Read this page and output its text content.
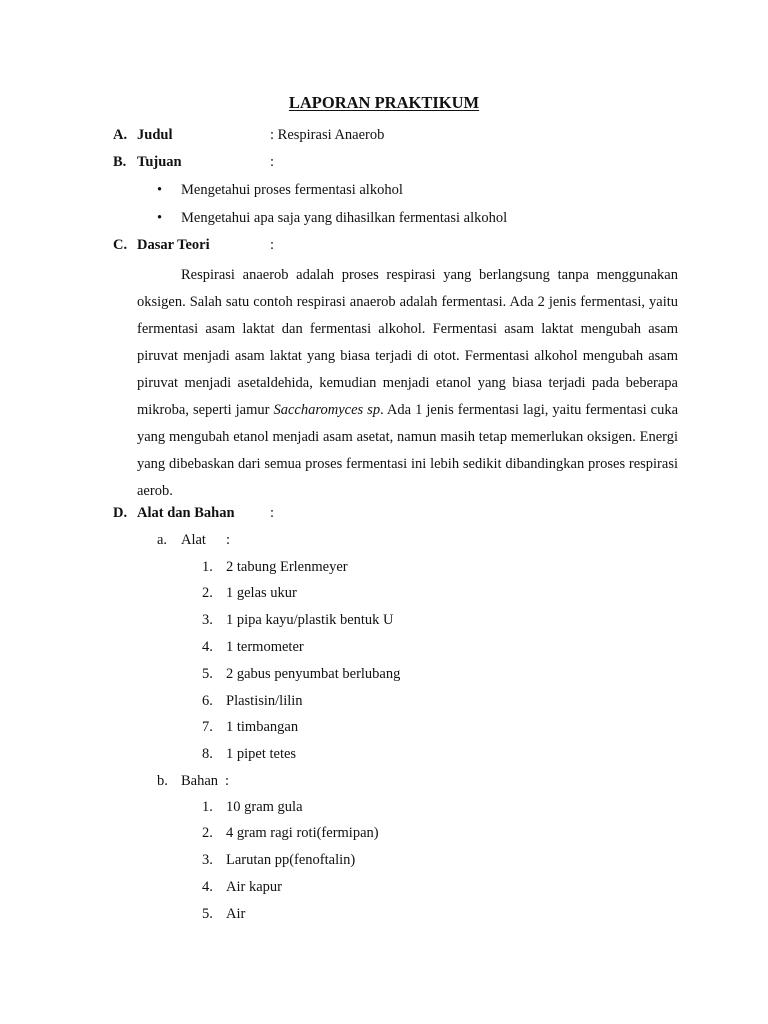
LAPORAN PRAKTIKUM
A. Judul	: Respirasi Anaerob
B. Tujuan	:
• Mengetahui proses fermentasi alkohol
• Mengetahui apa saja yang dihasilkan fermentasi alkohol
C. Dasar Teori	:
Respirasi anaerob adalah proses respirasi yang berlangsung tanpa menggunakan oksigen. Salah satu contoh respirasi anaerob adalah fermentasi. Ada 2 jenis fermentasi, yaitu fermentasi asam laktat dan fermentasi alkohol. Fermentasi asam laktat mengubah asam piruvat menjadi asam laktat yang biasa terjadi di otot. Fermentasi alkohol mengubah asam piruvat menjadi asetaldehida, kemudian menjadi etanol yang biasa terjadi pada beberapa mikroba, seperti jamur Saccharomyces sp. Ada 1 jenis fermentasi lagi, yaitu fermentasi cuka yang mengubah etanol menjadi asam asetat, namun masih tetap memerlukan oksigen. Energi yang dibebaskan dari semua proses fermentasi ini lebih sedikit dibandingkan proses respirasi aerob.
D. Alat dan Bahan :
a. Alat :
1. 2 tabung Erlenmeyer
2. 1 gelas ukur
3. 1 pipa kayu/plastik bentuk U
4. 1 termometer
5. 2 gabus penyumbat berlubang
6. Plastisin/lilin
7. 1 timbangan
8. 1 pipet tetes
b. Bahan :
1. 10 gram gula
2. 4 gram ragi roti(fermipan)
3. Larutan pp(fenoftalin)
4. Air kapur
5. Air
